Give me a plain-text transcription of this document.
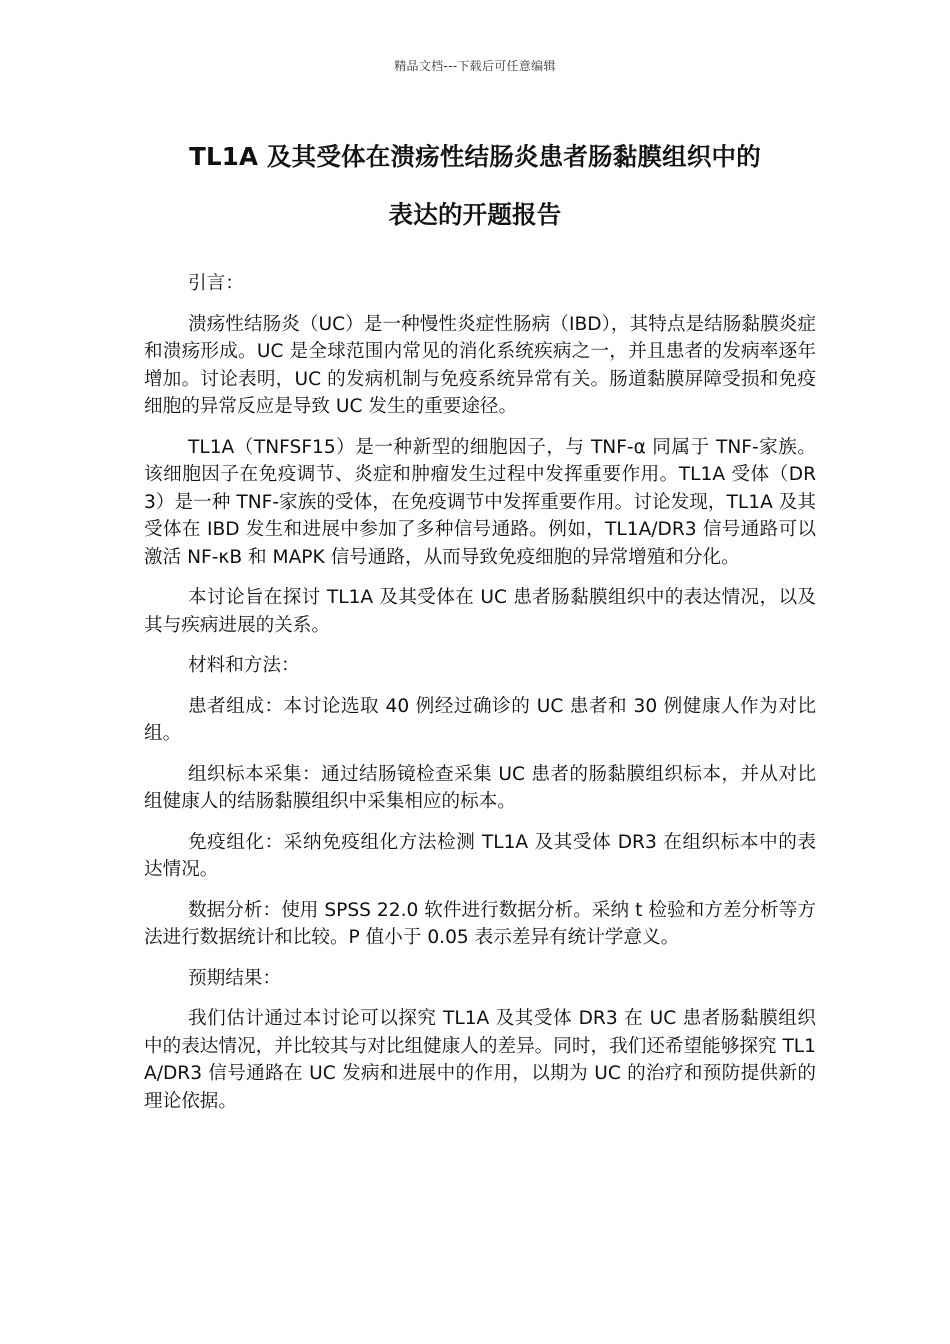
精品文档---下载后可任意编辑
TL1A 及其受体在溃疡性结肠炎患者肠黏膜组织中的
表达的开题报告
引言：

溃疡性结肠炎（UC）是一种慢性炎症性肠病（IBD），其特点是结肠黏膜炎症和溃疡形成。UC 是全球范围内常见的消化系统疾病之一，并且患者的发病率逐年增加。讨论表明，UC 的发病机制与免疫系统异常有关。肠道黏膜屏障受损和免疫细胞的异常反应是导致 UC 发生的重要途径。

TL1A（TNFSF15）是一种新型的细胞因子，与 TNF-α 同属于 TNF-家族。该细胞因子在免疫调节、炎症和肿瘤发生过程中发挥重要作用。TL1A 受体（DR3）是一种 TNF-家族的受体，在免疫调节中发挥重要作用。讨论发现，TL1A 及其受体在 IBD 发生和进展中参加了多种信号通路。例如，TL1A/DR3 信号通路可以激活 NF-κB 和 MAPK 信号通路，从而导致免疫细胞的异常增殖和分化。

本讨论旨在探讨 TL1A 及其受体在 UC 患者肠黏膜组织中的表达情况，以及其与疾病进展的关系。

材料和方法：

患者组成：本讨论选取 40 例经过确诊的 UC 患者和 30 例健康人作为对比组。

组织标本采集：通过结肠镜检查采集 UC 患者的肠黏膜组织标本，并从对比组健康人的结肠黏膜组织中采集相应的标本。

免疫组化：采纳免疫组化方法检测 TL1A 及其受体 DR3 在组织标本中的表达情况。

数据分析：使用 SPSS 22.0 软件进行数据分析。采纳 t 检验和方差分析等方法进行数据统计和比较。P 值小于 0.05 表示差异有统计学意义。

预期结果：

我们估计通过本讨论可以探究 TL1A 及其受体 DR3 在 UC 患者肠黏膜组织中的表达情况，并比较其与对比组健康人的差异。同时，我们还希望能够探究 TL1A/DR3 信号通路在 UC 发病和进展中的作用，以期为 UC 的治疗和预防提供新的理论依据。
